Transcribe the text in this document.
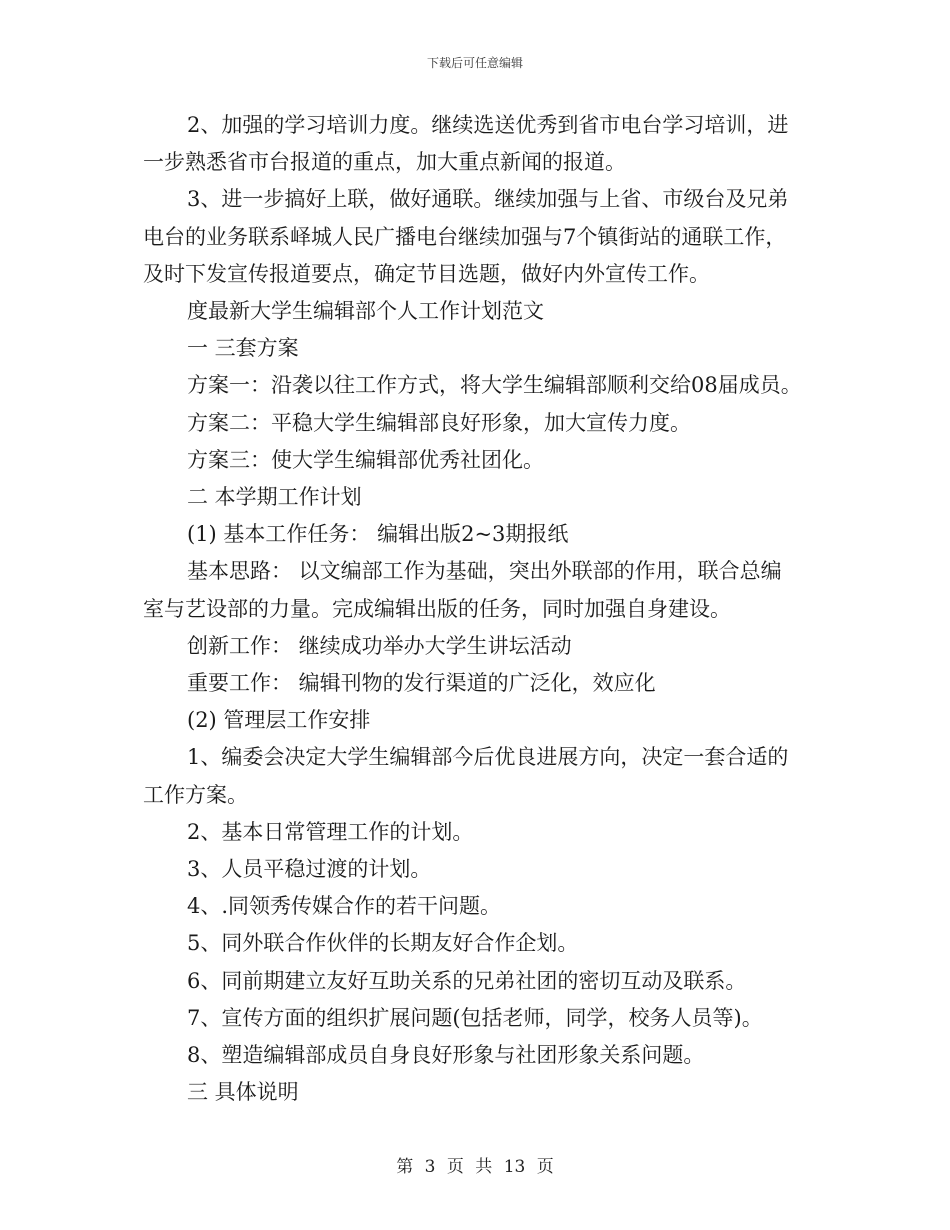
下载后可任意编辑

2、加强的学习培训力度。继续选送优秀到省市电台学习培训，进

一步熟悉省市台报道的重点，加大重点新闻的报道。

3、进一步搞好上联，做好通联。继续加强与上省、市级台及兄弟

电台的业务联系峄城人民广播电台继续加强与7个镇街站的通联工作，

及时下发宣传报道要点，确定节目选题，做好内外宣传工作。

度最新大学生编辑部个人工作计划范文

一 三套方案

方案一：沿袭以往工作方式，将大学生编辑部顺利交给08届成员。

方案二：平稳大学生编辑部良好形象，加大宣传力度。

方案三：使大学生编辑部优秀社团化。

二 本学期工作计划

(1) 基本工作任务： 编辑出版2~3期报纸

基本思路： 以文编部工作为基础，突出外联部的作用，联合总编

室与艺设部的力量。完成编辑出版的任务，同时加强自身建设。

创新工作： 继续成功举办大学生讲坛活动

重要工作： 编辑刊物的发行渠道的广泛化，效应化

(2) 管理层工作安排

1、编委会决定大学生编辑部今后优良进展方向，决定一套合适的

工作方案。

2、基本日常管理工作的计划。

3、人员平稳过渡的计划。

4、.同领秀传媒合作的若干问题。

5、同外联合作伙伴的长期友好合作企划。

6、同前期建立友好互助关系的兄弟社团的密切互动及联系。

7、宣传方面的组织扩展问题(包括老师，同学，校务人员等)。

8、塑造编辑部成员自身良好形象与社团形象关系问题。

三 具体说明

第 3 页 共 13 页
